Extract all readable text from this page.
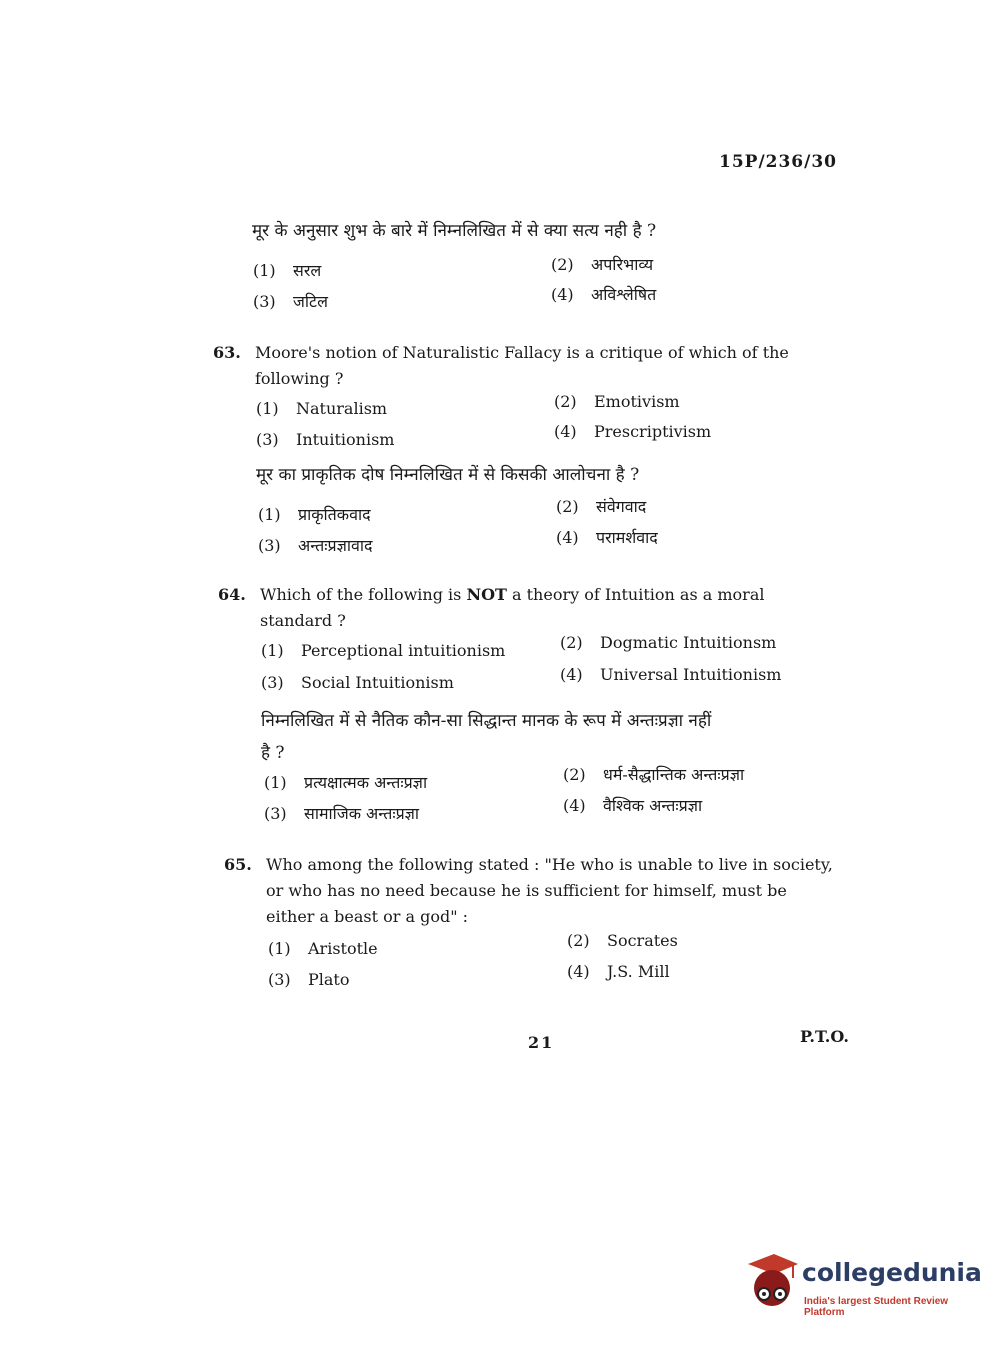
15P/236/30
मूर के अनुसार शुभ के बारे में निम्नलिखित में से क्या सत्य नही है ?
(1) सरल	(2) अपरिभाव्य
(3) जटिल	(4) अविश्लेषित
63. Moore's notion of Naturalistic Fallacy is a critique of which of the
following ?
(1) Naturalism	(2) Emotivism
(3) Intuitionism	(4) Prescriptivism
मूर का प्राकृतिक दोष निम्नलिखित में से किसकी आलोचना है ?
(1) प्राकृतिकवाद	(2) संवेगवाद
(3) अन्तःप्रज्ञावाद	(4) परामर्शवाद
64. Which of the following is NOT a theory of Intuition as a moral
standard ?
(1) Perceptional intuitionism	(2) Dogmatic Intuitionsm
(3) Social Intuitionism	(4) Universal Intuitionism
निम्नलिखित में से नैतिक कौन-सा सिद्धान्त मानक के रूप में अन्तःप्रज्ञा नहीं
है ?
(1) प्रत्यक्षात्मक अन्तःप्रज्ञा	(2) धर्म-सैद्धान्तिक अन्तःप्रज्ञा
(3) सामाजिक अन्तःप्रज्ञा	(4) वैश्विक अन्तःप्रज्ञा
65. Who among the following stated : "He who is unable to live in society,
or who has no need because he is sufficient for himself, must be
either a beast or a god" :
(1) Aristotle	(2) Socrates
(3) Plato	(4) J.S. Mill
21	P.T.O.
collegedunia
India's largest Student Review Platform
